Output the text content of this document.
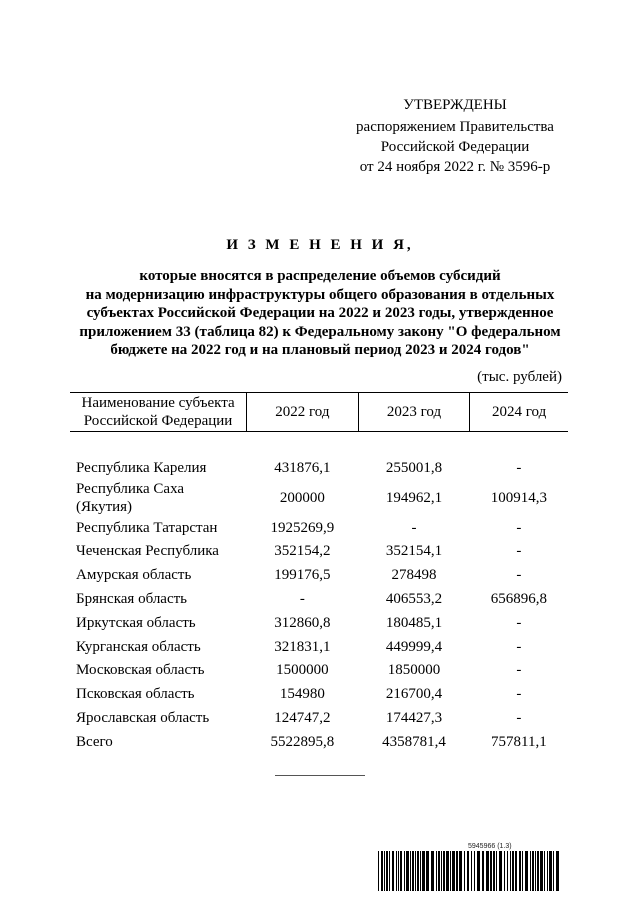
УТВЕРЖДЕНЫ
распоряжением Правительства
Российской Федерации
от 24 ноября 2022 г. № 3596-р
И З М Е Н Е Н И Я,
которые вносятся в распределение объемов субсидий
на модернизацию инфраструктуры общего образования в отдельных
субъектах Российской Федерации на 2022 и 2023 годы, утвержденное
приложением 33 (таблица 82) к Федеральному закону "О федеральном
бюджете на 2022 год и на плановый период 2023 и 2024 годов"
(тыс. рублей)
Наименование субъекта Российской Федерации	2022 год	2023 год	2024 год

Республика Карелия	431876,1	255001,8	-
Республика Саха (Якутия)	200000	194962,1	100914,3
Республика Татарстан	1925269,9	-	-
Чеченская Республика	352154,2	352154,1	-
Амурская область	199176,5	278498	-
Брянская область	-	406553,2	656896,8
Иркутская область	312860,8	180485,1	-
Курганская область	321831,1	449999,4	-
Московская область	1500000	1850000	-
Псковская область	154980	216700,4	-
Ярославская область	124747,2	174427,3	-
Всего	5522895,8	4358781,4	757811,1
5945966 (1.3)
